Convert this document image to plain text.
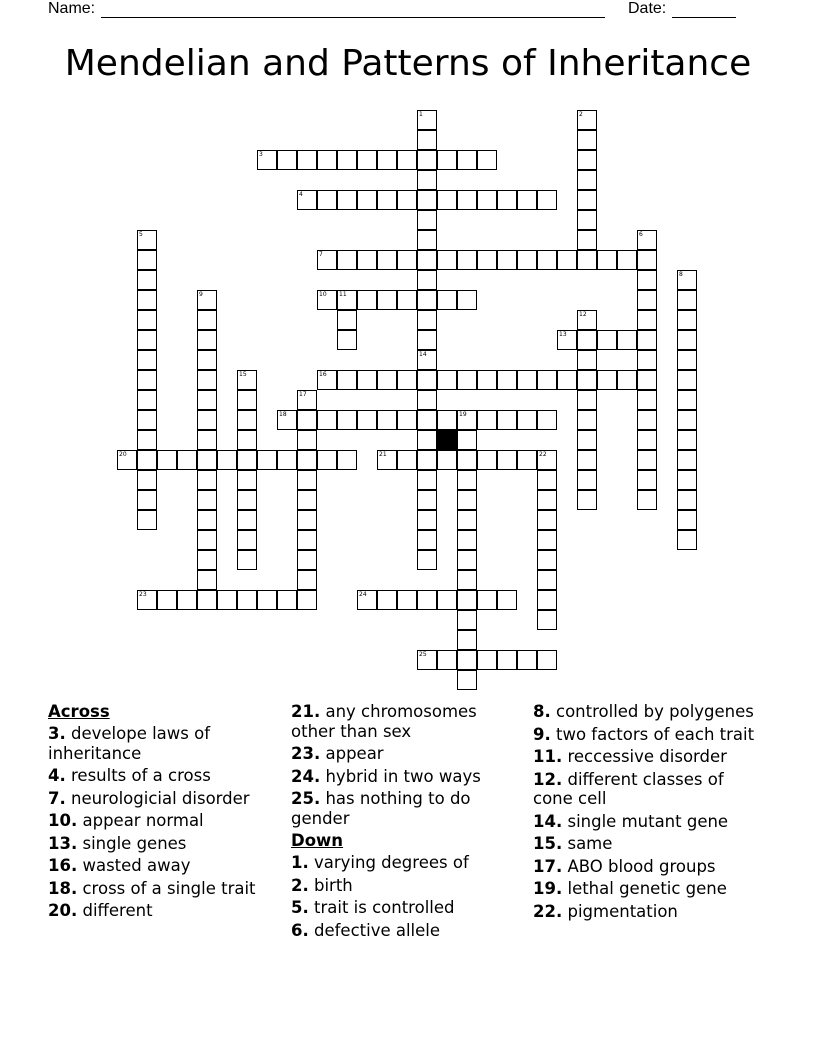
Name:	Date:
Mendelian and Patterns of Inheritance
1	2
3
4
5	6
7
8
9	10 11
12
13
14
15	16
17
18	19
20	21	22
23	24
25
Across
3. develope laws of inheritance
4. results of a cross
7. neurologicial disorder
10. appear normal
13. single genes
16. wasted away
18. cross of a single trait
20. different
21. any chromosomes other than sex
23. appear
24. hybrid in two ways
25. has nothing to do gender
Down
1. varying degrees of
2. birth
5. trait is controlled
6. defective allele
8. controlled by polygenes
9. two factors of each trait
11. reccessive disorder
12. different classes of cone cell
14. single mutant gene
15. same
17. ABO blood groups
19. lethal genetic gene
22. pigmentation
